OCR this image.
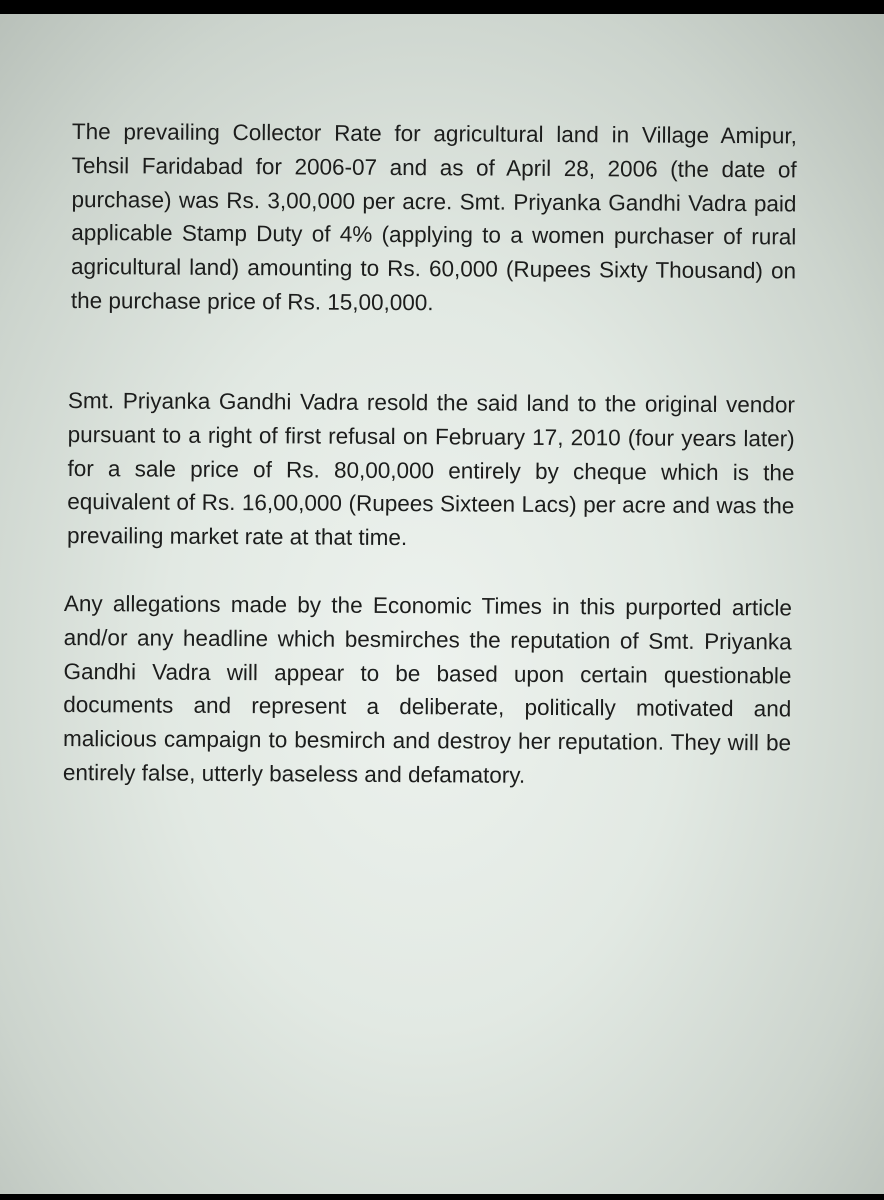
The prevailing Collector Rate for agricultural land in Village Amipur, Tehsil Faridabad for 2006-07 and as of April 28, 2006 (the date of purchase) was Rs. 3,00,000 per acre. Smt. Priyanka Gandhi Vadra paid applicable Stamp Duty of 4% (applying to a women purchaser of rural agricultural land) amounting to Rs. 60,000 (Rupees Sixty Thousand) on the purchase price of Rs. 15,00,000.

Smt. Priyanka Gandhi Vadra resold the said land to the original vendor pursuant to a right of first refusal on February 17, 2010 (four years later) for a sale price of Rs. 80,00,000 entirely by cheque which is the equivalent of Rs. 16,00,000 (Rupees Sixteen Lacs) per acre and was the prevailing market rate at that time.

Any allegations made by the Economic Times in this purported article and/or any headline which besmirches the reputation of Smt. Priyanka Gandhi Vadra will appear to be based upon certain questionable documents and represent a deliberate, politically motivated and malicious campaign to besmirch and destroy her reputation. They will be entirely false, utterly baseless and defamatory.
